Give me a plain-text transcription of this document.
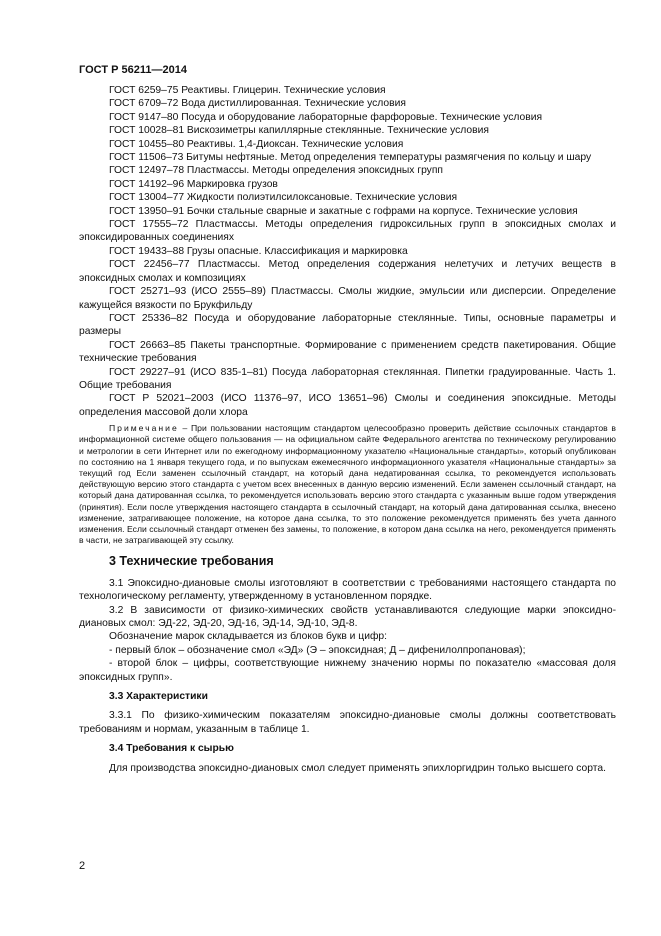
ГОСТ Р 56211—2014

ГОСТ 6259–75 Реактивы. Глицерин. Технические условия

ГОСТ 6709–72 Вода дистиллированная. Технические условия

ГОСТ 9147–80 Посуда и оборудование лабораторные фарфоровые. Технические условия

ГОСТ 10028–81 Вискозиметры капиллярные стеклянные. Технические условия

ГОСТ 10455–80 Реактивы. 1,4-Диоксан. Технические условия

ГОСТ 11506–73 Битумы нефтяные. Метод определения температуры размягчения по кольцу и шару

ГОСТ 12497–78 Пластмассы. Методы определения эпоксидных групп

ГОСТ 14192–96 Маркировка грузов

ГОСТ 13004–77 Жидкости полиэтилсилоксановые. Технические условия

ГОСТ 13950–91 Бочки стальные сварные и закатные с гофрами на корпусе. Технические условия

ГОСТ 17555–72 Пластмассы. Методы определения гидроксильных групп в эпоксидных смолах и эпоксидированных соединениях

ГОСТ 19433–88 Грузы опасные. Классификация и маркировка

ГОСТ 22456–77 Пластмассы. Метод определения содержания нелетучих и летучих веществ в эпоксидных смолах и композициях

ГОСТ 25271–93 (ИСО 2555–89) Пластмассы. Смолы жидкие, эмульсии или дисперсии. Определение кажущейся вязкости по Брукфильду

ГОСТ 25336–82 Посуда и оборудование лабораторные стеклянные. Типы, основные параметры и размеры

ГОСТ 26663–85 Пакеты транспортные. Формирование с применением средств пакетирования. Общие технические требования

ГОСТ 29227–91 (ИСО 835-1–81) Посуда лабораторная стеклянная. Пипетки градуированные. Часть 1. Общие требования

ГОСТ Р 52021–2003 (ИСО 11376–97, ИСО 13651–96) Смолы и соединения эпоксидные. Методы определения массовой доли хлора

Примечание – При пользовании настоящим стандартом целесообразно проверить действие ссылочных стандартов в информационной системе общего пользования — на официальном сайте Федерального агентства по техническому регулированию и метрологии в сети Интернет или по ежегодному информационному указателю «Национальные стандарты», который опубликован по состоянию на 1 января текущего года, и по выпускам ежемесячного информационного указателя «Национальные стандарты» за текущий год Если заменен ссылочный стандарт, на который дана недатированная ссылка, то рекомендуется использовать действующую версию этого стандарта с учетом всех внесенных в данную версию изменений. Если заменен ссылочный стандарт, на который дана датированная ссылка, то рекомендуется использовать версию этого стандарта с указанным выше годом утверждения (принятия). Если после утверждения настоящего стандарта в ссылочный стандарт, на который дана датированная ссылка, внесено изменение, затрагивающее положение, на которое дана ссылка, то это положение рекомендуется применять без учета данного изменения. Если ссылочный стандарт отменен без замены, то положение, в котором дана ссылка на него, рекомендуется применять в части, не затрагивающей эту ссылку.

3 Технические требования

3.1 Эпоксидно-диановые смолы изготовляют в соответствии с требованиями настоящего стандарта по технологическому регламенту, утвержденному в установленном порядке.

3.2 В зависимости от физико-химических свойств устанавливаются следующие марки эпоксидно-диановых смол: ЭД-22, ЭД-20, ЭД-16, ЭД-14, ЭД-10, ЭД-8.

Обозначение марок складывается из блоков букв и цифр:

- первый блок – обозначение смол «ЭД» (Э – эпоксидная; Д – дифенилолпропановая);

- второй блок – цифры, соответствующие нижнему значению нормы по показателю «массовая доля эпоксидных групп».

3.3 Характеристики

3.3.1 По физико-химическим показателям эпоксидно-диановые смолы должны соответствовать требованиям и нормам, указанным в таблице 1.

3.4 Требования к сырью

Для производства эпоксидно-диановых смол следует применять эпихлоргидрин только высшего сорта.

2
